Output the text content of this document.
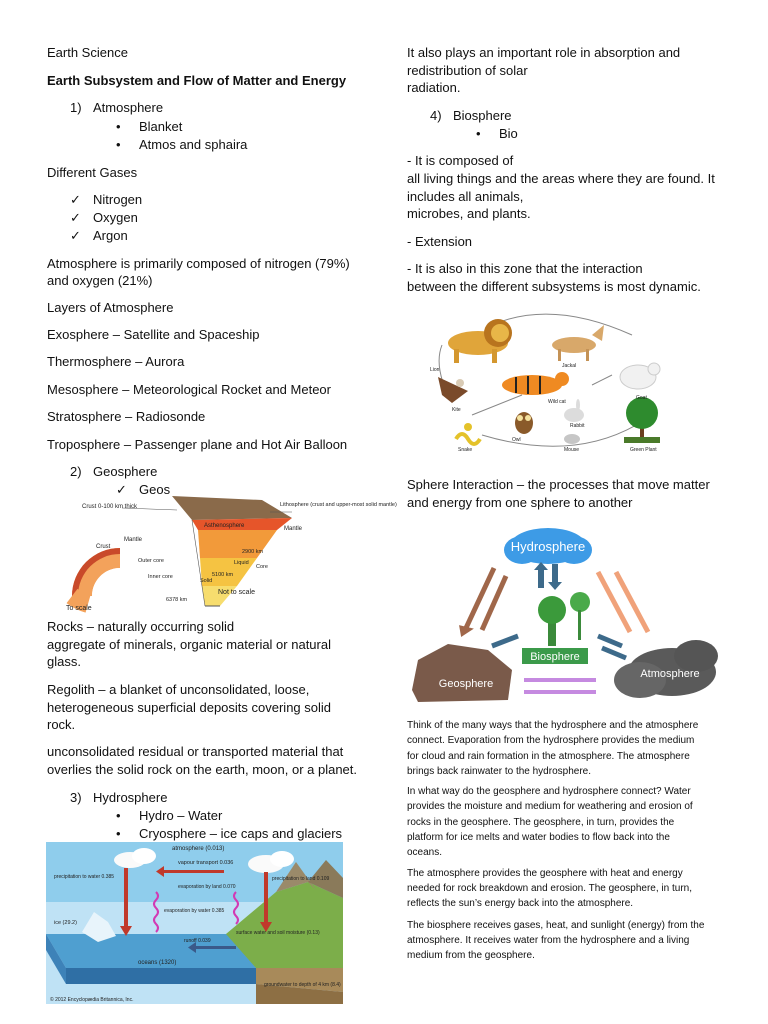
Earth Science
Earth Subsystem and Flow of Matter and Energy
1) Atmosphere
• Blanket
• Atmos and sphaira
Different Gases
✓ Nitrogen
✓ Oxygen
✓ Argon
Atmosphere is primarily composed of nitrogen (79%)
and oxygen (21%)
Layers of Atmosphere
Exosphere – Satellite and Spaceship
Thermosphere – Aurora
Mesosphere – Meteorological Rocket and Meteor
Stratosphere – Radiosonde
Troposphere – Passenger plane and Hot Air Balloon
2) Geosphere
✓ Geos
Crust 0-100 km thick	Lithosphere (crust and upper-most solid mantle)
Asthenosphere
Mantle
Mantle
Crust
Outer core
2900 km
Liquid
Core
Inner core	5100 km
Solid
6378 km
To scale
Not to scale
Rocks – naturally occurring solid
aggregate of minerals, organic material or natural
glass.
Regolith – a blanket of unconsolidated, loose,
heterogeneous superficial deposits covering solid
rock.
unconsolidated residual or transported material that
overlies the solid rock on the earth, moon, or a planet.
3) Hydrosphere
• Hydro – Water
• Cryosphere – ice caps and glaciers
atmosphere (0.013)
vapour transport 0.036
precipitation to water 0.385
evaporation by land 0.070
evaporation by water 0.385
precipitation to land 0.109
ice (29.2)
runoff 0.039
surface water and soil moisture (0.13)
oceans (1320)
groundwater to depth of 4 km (8.4)
© 2012 Encyclopædia Britannica, Inc.
It also plays an important role in absorption and
redistribution of solar
radiation.
4) Biosphere
• Bio
- It is composed of
all living things and the areas where they are found. It
includes all animals,
microbes, and plants.
- Extension
- It is also in this zone that the interaction
between the different subsystems is most dynamic.
Lion
Jackal
Goat
Kite
Wild cat
Rabbit
Snake
Owl
Mouse	Green Plant
Sphere Interaction – the processes that move matter
and energy from one sphere to another
Hydrosphere
Biosphere
Geosphere
Atmosphere
Think of the many ways that the hydrosphere and the atmosphere
connect. Evaporation from the hydrosphere provides the medium
for cloud and rain formation in the atmosphere. The atmosphere
brings back rainwater to the hydrosphere.
In what way do the geosphere and hydrosphere connect? Water
provides the moisture and medium for weathering and erosion of
rocks in the geosphere. The geosphere, in turn, provides the
platform for ice melts and water bodies to flow back into the
oceans.
The atmosphere provides the geosphere with heat and energy
needed for rock breakdown and erosion. The geosphere, in turn,
reflects the sun’s energy back into the atmosphere.
The biosphere receives gases, heat, and sunlight (energy) from the
atmosphere. It receives water from the hydrosphere and a living
medium from the geosphere.
